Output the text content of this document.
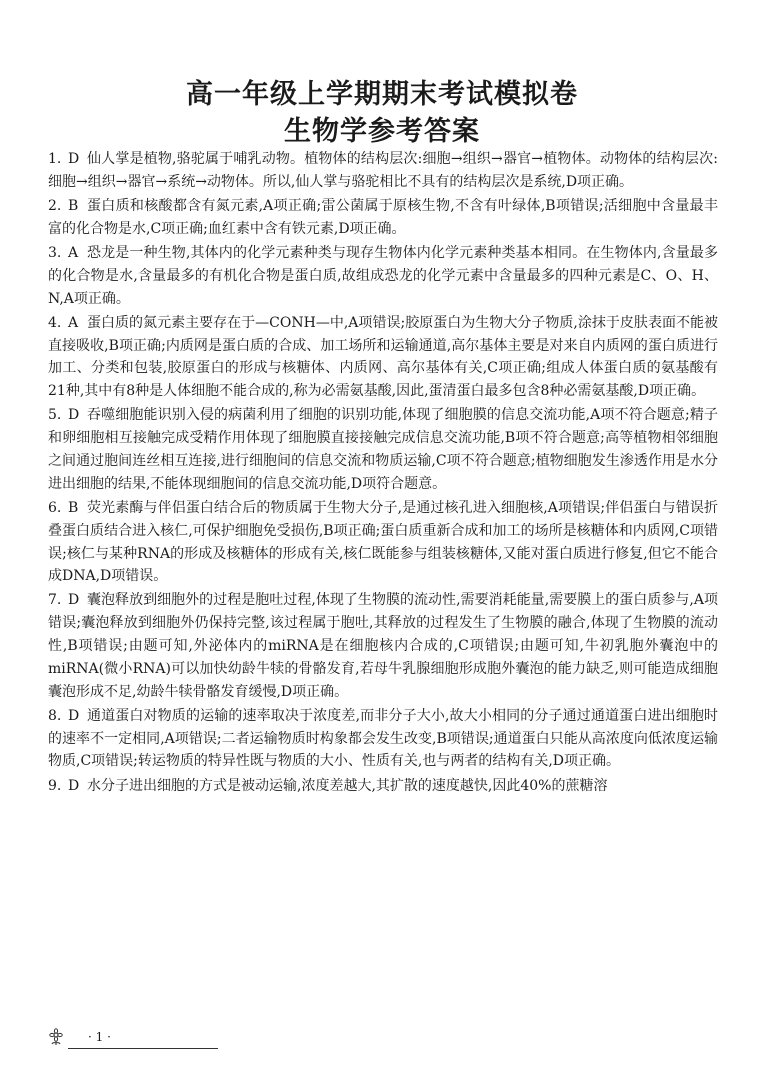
高一年级上学期期末考试模拟卷
生物学参考答案
1. D 仙人掌是植物,骆驼属于哺乳动物。植物体的结构层次:细胞→组织→器官→植物体。动物体的结构层次:细胞→组织→器官→系统→动物体。所以,仙人掌与骆驼相比不具有的结构层次是系统,D项正确。
2. B 蛋白质和核酸都含有氮元素,A项正确;雷公菌属于原核生物,不含有叶绿体,B项错误;活细胞中含量最丰富的化合物是水,C项正确;血红素中含有铁元素,D项正确。
3. A 恐龙是一种生物,其体内的化学元素种类与现存生物体内化学元素种类基本相同。在生物体内,含量最多的化合物是水,含量最多的有机化合物是蛋白质,故组成恐龙的化学元素中含量最多的四种元素是C、O、H、N,A项正确。
4. A 蛋白质的氮元素主要存在于—CONH—中,A项错误;胶原蛋白为生物大分子物质,涂抹于皮肤表面不能被直接吸收,B项正确;内质网是蛋白质的合成、加工场所和运输通道,高尔基体主要是对来自内质网的蛋白质进行加工、分类和包装,胶原蛋白的形成与核糖体、内质网、高尔基体有关,C项正确;组成人体蛋白质的氨基酸有21种,其中有8种是人体细胞不能合成的,称为必需氨基酸,因此,蛋清蛋白最多包含8种必需氨基酸,D项正确。
5. D 吞噬细胞能识别入侵的病菌利用了细胞的识别功能,体现了细胞膜的信息交流功能,A项不符合题意;精子和卵细胞相互接触完成受精作用体现了细胞膜直接接触完成信息交流功能,B项不符合题意;高等植物相邻细胞之间通过胞间连丝相互连接,进行细胞间的信息交流和物质运输,C项不符合题意;植物细胞发生渗透作用是水分进出细胞的结果,不能体现细胞间的信息交流功能,D项符合题意。
6. B 荧光素酶与伴侣蛋白结合后的物质属于生物大分子,是通过核孔进入细胞核,A项错误;伴侣蛋白与错误折叠蛋白质结合进入核仁,可保护细胞免受损伤,B项正确;蛋白质重新合成和加工的场所是核糖体和内质网,C项错误;核仁与某种RNA的形成及核糖体的形成有关,核仁既能参与组装核糖体,又能对蛋白质进行修复,但它不能合成DNA,D项错误。
7. D 囊泡释放到细胞外的过程是胞吐过程,体现了生物膜的流动性,需要消耗能量,需要膜上的蛋白质参与,A项错误;囊泡释放到细胞外仍保持完整,该过程属于胞吐,其释放的过程发生了生物膜的融合,体现了生物膜的流动性,B项错误;由题可知,外泌体内的miRNA是在细胞核内合成的,C项错误;由题可知,牛初乳胞外囊泡中的miRNA(微小RNA)可以加快幼龄牛犊的骨骼发育,若母牛乳腺细胞形成胞外囊泡的能力缺乏,则可能造成细胞囊泡形成不足,幼龄牛犊骨骼发育缓慢,D项正确。
8. D 通道蛋白对物质的运输的速率取决于浓度差,而非分子大小,故大小相同的分子通过通道蛋白进出细胞时的速率不一定相同,A项错误;二者运输物质时构象都会发生改变,B项错误;通道蛋白只能从高浓度向低浓度运输物质,C项错误;转运物质的特异性既与物质的大小、性质有关,也与两者的结构有关,D项正确。
9. D 水分子进出细胞的方式是被动运输,浓度差越大,其扩散的速度越快,因此40%的蔗糖溶
· 1 ·
